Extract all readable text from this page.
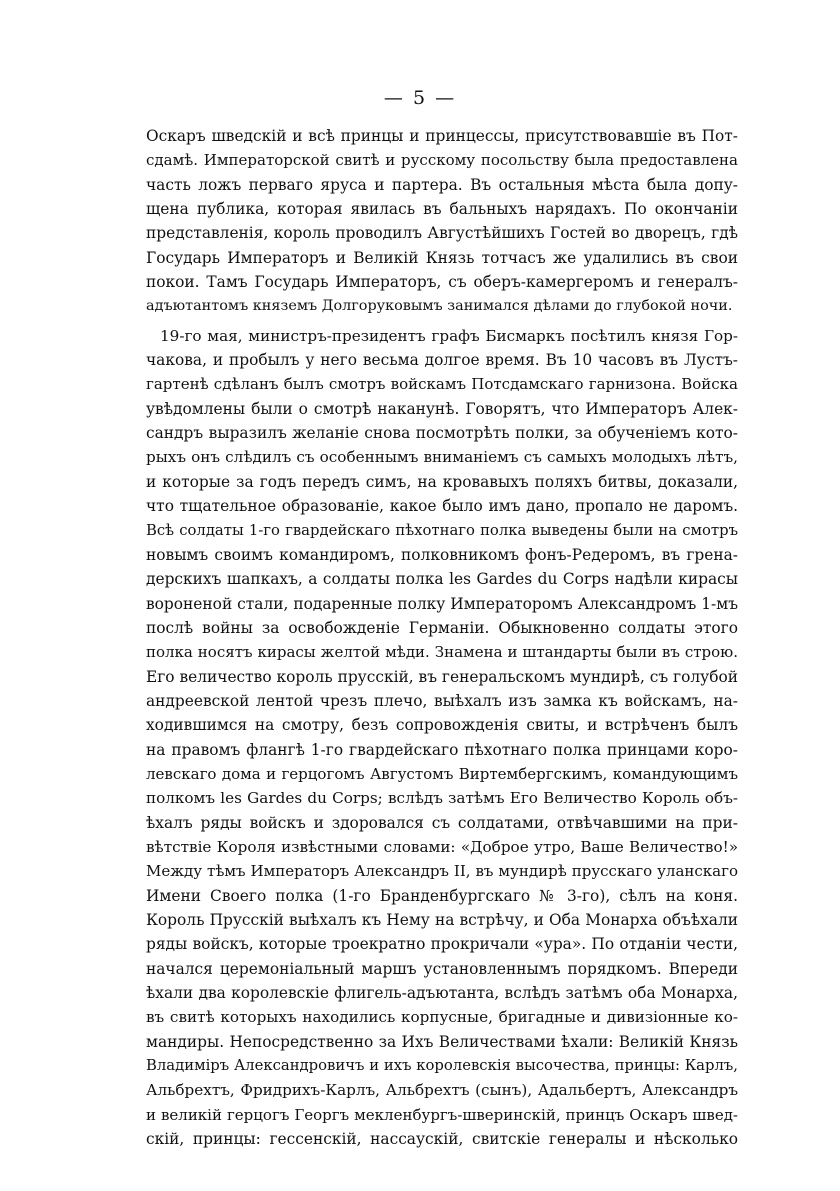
— 5 —
Оскаръ шведскій и всѣ принцы и принцессы, присутствовавшіе въ Пот-
сдамѣ. Императорской свитѣ и русскому посольству была предоставлена
часть ложъ перваго яруса и партера. Въ остальныя мѣста была допу-
щена публика, которая явилась въ бальныхъ нарядахъ. По окончаніи
представленія, король проводилъ Августѣйшихъ Гостей во дворецъ, гдѣ
Государь Императоръ и Великій Князь тотчасъ же удалились въ свои
покои. Тамъ Государь Императоръ, съ оберъ-камергеромъ и генералъ-
адъютантомъ княземъ Долгоруковымъ занимался дѣлами до глубокой ночи.
19-го мая, министръ-президентъ графъ Бисмаркъ посѣтилъ князя Гор-
чакова, и пробылъ у него весьма долгое время. Въ 10 часовъ въ Лустъ-
гартенѣ сдѣланъ былъ смотръ войскамъ Потсдамскаго гарнизона. Войска
увѣдомлены были о смотрѣ наканунѣ. Говорятъ, что Императоръ Алек-
сандръ выразилъ желаніе снова посмотрѣть полки, за обученіемъ кото-
рыхъ онъ слѣдилъ съ особеннымъ вниманіемъ съ самыхъ молодыхъ лѣтъ,
и которые за годъ передъ симъ, на кровавыхъ поляхъ битвы, доказали,
что тщательное образованіе, какое было имъ дано, пропало не даромъ.
Всѣ солдаты 1-го гвардейскаго пѣхотнаго полка выведены были на смотръ
новымъ своимъ командиромъ, полковникомъ фонъ-Редеромъ, въ грена-
дерскихъ шапкахъ, а солдаты полка les Gardes du Corps надѣли кирасы
вороненой стали, подаренные полку Императоромъ Александромъ 1-мъ
послѣ войны за освобожденіе Германіи. Обыкновенно солдаты этого
полка носятъ кирасы желтой мѣди. Знамена и штандарты были въ строю.
Его величество король прусскій, въ генеральскомъ мундирѣ, съ голубой
андреевской лентой чрезъ плечо, выѣхалъ изъ замка къ войскамъ, на-
ходившимся на смотру, безъ сопровожденія свиты, и встрѣченъ былъ
на правомъ флангѣ 1-го гвардейскаго пѣхотнаго полка принцами коро-
левскаго дома и герцогомъ Августомъ Виртембергскимъ, командующимъ
полкомъ les Gardes du Corps; вслѣдъ затѣмъ Его Величество Король объ-
ѣхалъ ряды войскъ и здоровался съ солдатами, отвѣчавшими на при-
вѣтствіе Короля извѣстными словами: «Доброе утро, Ваше Величество!»
Между тѣмъ Императоръ Александръ II, въ мундирѣ прусскаго уланскаго
Имени Своего полка (1-го Бранденбургскаго № 3-го), сѣлъ на коня.
Король Прусскій выѣхалъ къ Нему на встрѣчу, и Оба Монарха объѣхали
ряды войскъ, которые троекратно прокричали «ура». По отданіи чести,
начался церемоніальный маршъ установленнымъ порядкомъ. Впереди
ѣхали два королевскіе флигель-адъютанта, вслѣдъ затѣмъ оба Монарха,
въ свитѣ которыхъ находились корпусные, бригадные и дивизіонные ко-
мандиры. Непосредственно за Ихъ Величествами ѣхали: Великій Князь
Владиміръ Александровичъ и ихъ королевскія высочества, принцы: Карлъ,
Альбрехтъ, Фридрихъ-Карлъ, Альбрехтъ (сынъ), Адальбертъ, Александръ
и великій герцогъ Георгъ мекленбургъ-шверинскій, принцъ Оскаръ швед-
скій, принцы: гессенскій, нассаускій, свитскіе генералы и нѣсколько
